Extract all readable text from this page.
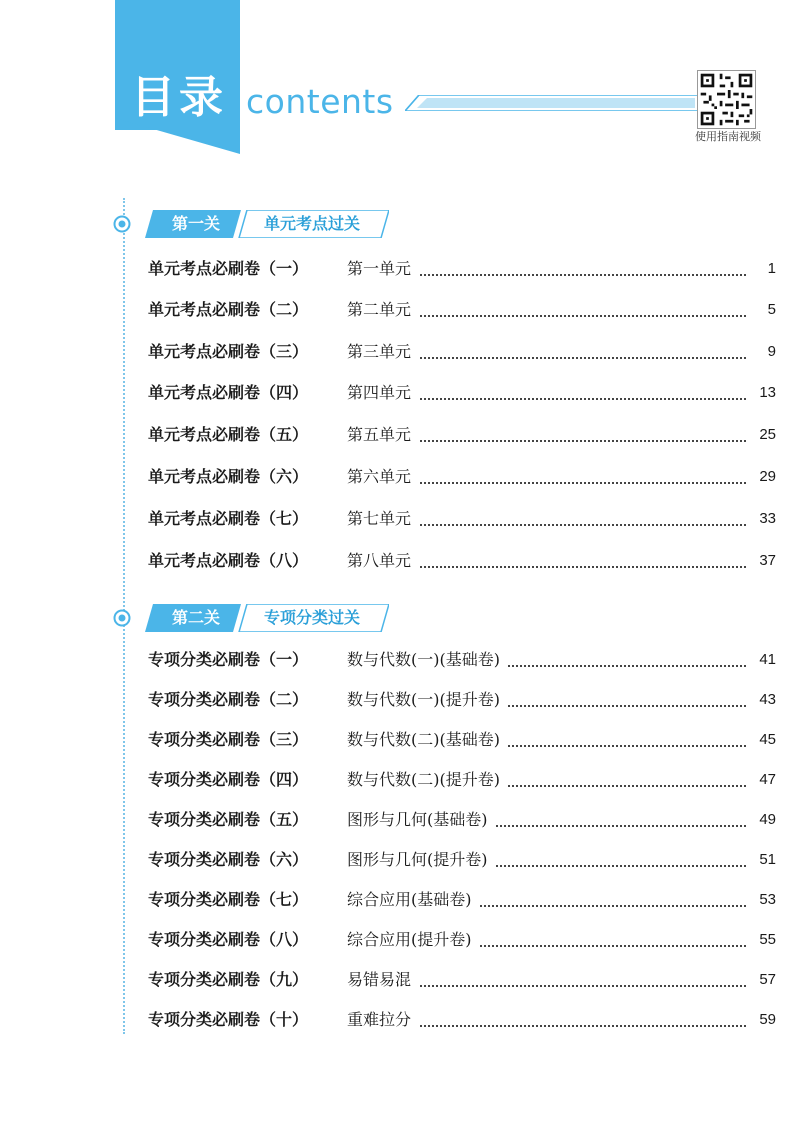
目录 contents
使用指南视频
第一关	单元考点过关
单元考点必刷卷（一） 第一单元	1
单元考点必刷卷（二） 第二单元	5
单元考点必刷卷（三） 第三单元	9
单元考点必刷卷（四） 第四单元	13
单元考点必刷卷（五） 第五单元	25
单元考点必刷卷（六） 第六单元	29
单元考点必刷卷（七） 第七单元	33
单元考点必刷卷（八） 第八单元	37
第二关	专项分类过关
专项分类必刷卷（一） 数与代数(一)(基础卷)	41
专项分类必刷卷（二） 数与代数(一)(提升卷)	43
专项分类必刷卷（三） 数与代数(二)(基础卷)	45
专项分类必刷卷（四） 数与代数(二)(提升卷)	47
专项分类必刷卷（五） 图形与几何(基础卷)	49
专项分类必刷卷（六） 图形与几何(提升卷)	51
专项分类必刷卷（七） 综合应用(基础卷)	53
专项分类必刷卷（八） 综合应用(提升卷)	55
专项分类必刷卷（九） 易错易混	57
专项分类必刷卷（十） 重难拉分	59
